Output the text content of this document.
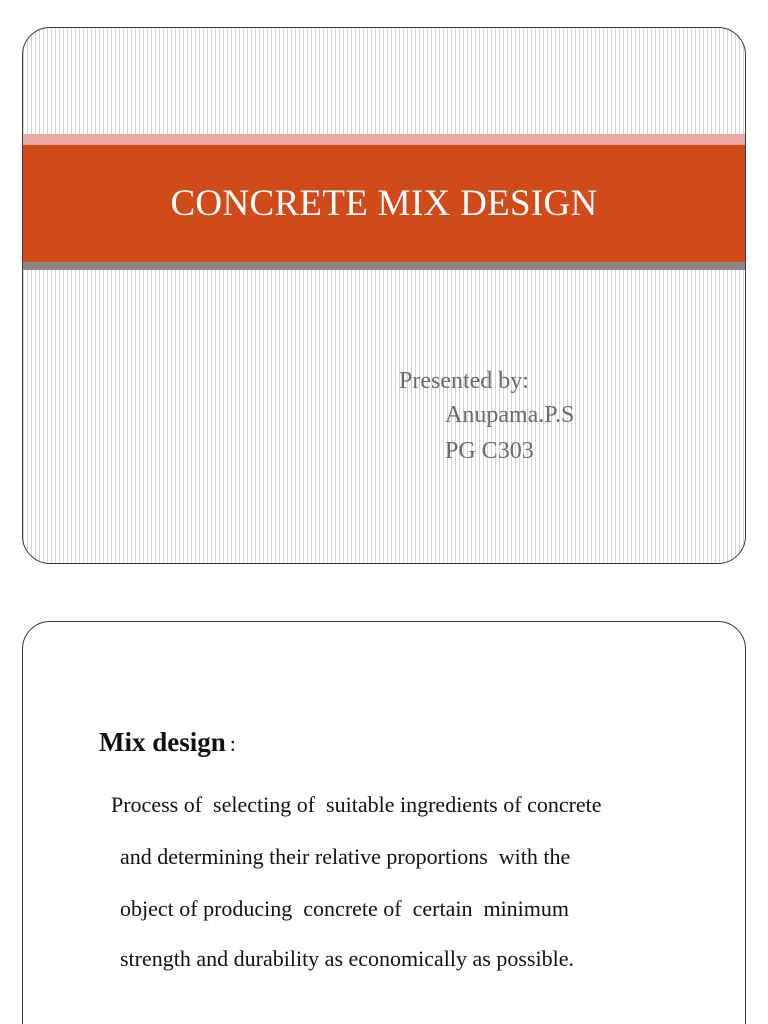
CONCRETE MIX DESIGN
Presented by:
Anupama.P.S
PG C303
Mix design :
Process of  selecting of  suitable ingredients of concrete
and determining their relative proportions  with the
object of producing  concrete of  certain  minimum
strength and durability as economically as possible.
